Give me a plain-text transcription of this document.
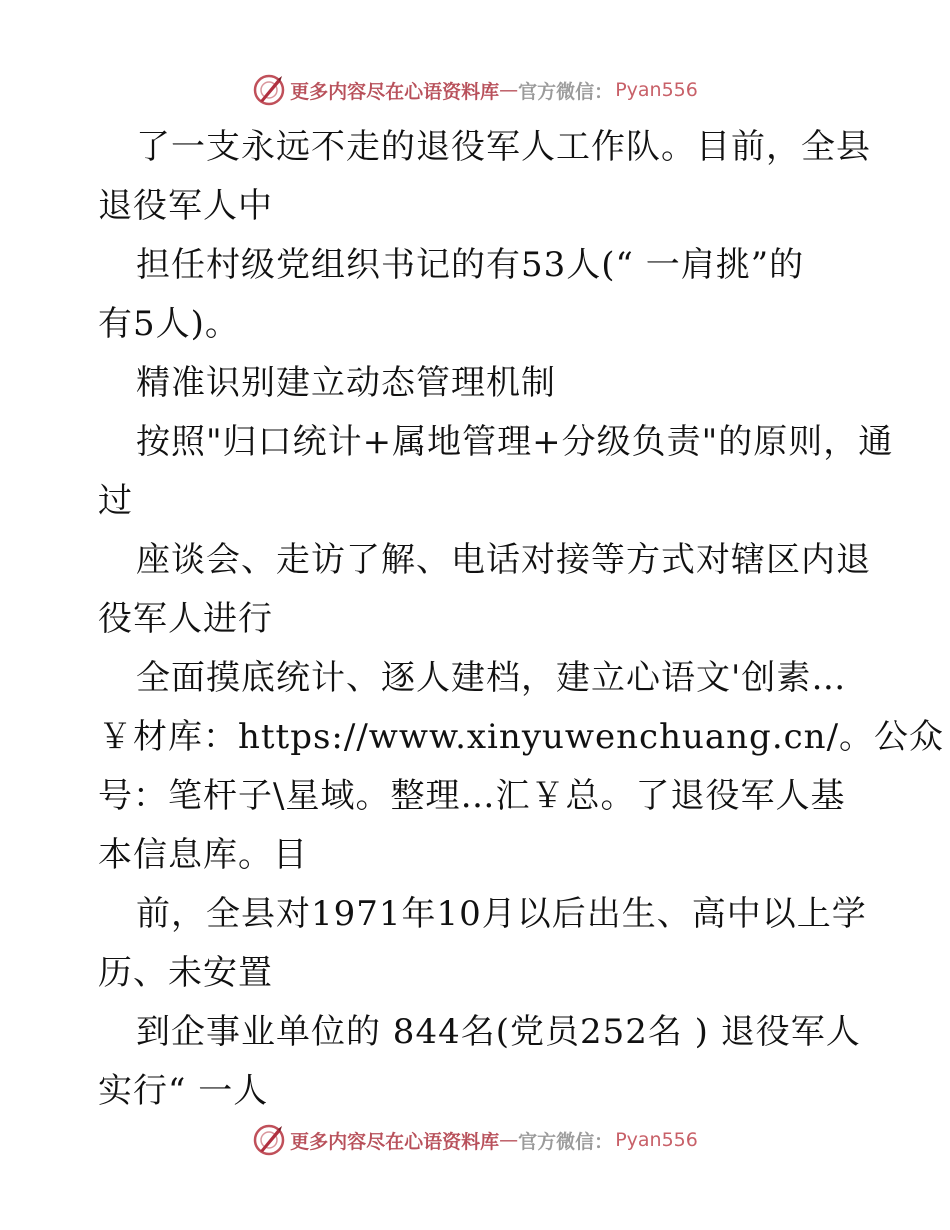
更多内容尽在心语资料库 — 官方微信： Pyan556
了一支永远不走的退役军人工作队。目前，全县
退役军人中
担任村级党组织书记的有53人(“ 一肩挑”的
有5人)。
精准识别建立动态管理机制
按照"归口统计+属地管理+分级负责"的原则，通
过
座谈会、走访了解、电话对接等方式对辖区内退
役军人进行
全面摸底统计、逐人建档，建立心语文'创素…
￥材库：https://www.xinyuwenchuang.cn/。公众
号：笔杆子\星域。整理…汇￥总。了退役军人基
本信息库。目
前，全县对1971年10月以后出生、高中以上学
历、未安置
到企事业单位的 844名(党员252名 ) 退役军人
实行“ 一人
更多内容尽在心语资料库 — 官方微信： Pyan556
